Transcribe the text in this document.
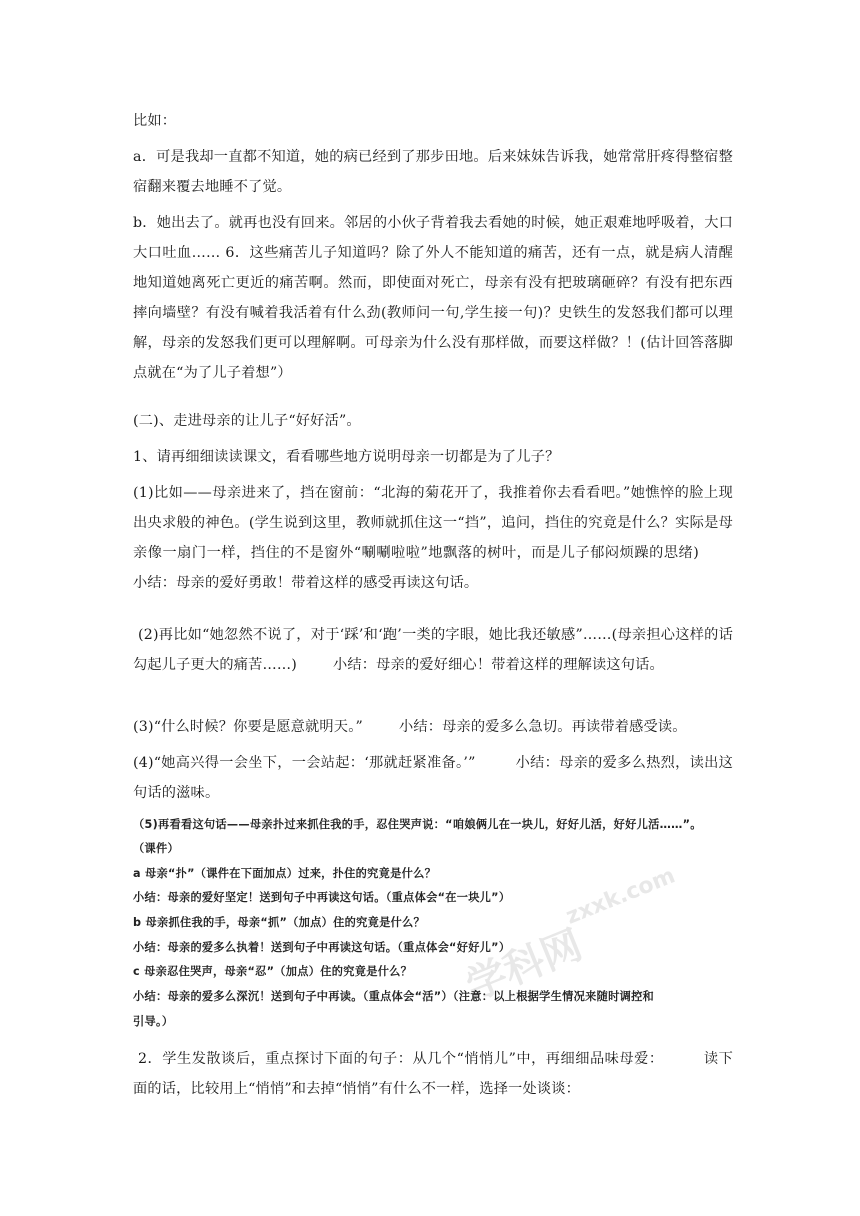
比如：

a．可是我却一直都不知道，她的病已经到了那步田地。后来妹妹告诉我，她常常肝疼得整宿整宿翻来覆去地睡不了觉。

b．她出去了。就再也没有回来。邻居的小伙子背着我去看她的时候，她正艰难地呼吸着，大口大口吐血…… 6．这些痛苦儿子知道吗？除了外人不能知道的痛苦，还有一点，就是病人清醒地知道她离死亡更近的痛苦啊。然而，即使面对死亡，母亲有没有把玻璃砸碎？有没有把东西摔向墙壁？有没有喊着我活着有什么劲(教师问一句,学生接一句)？史铁生的发怒我们都可以理解，母亲的发怒我们更可以理解啊。可母亲为什么没有那样做，而要这样做？！(估计回答落脚点就在“为了儿子着想”）

(二)、走进母亲的让儿子“好好活”。

1、请再细细读读课文，看看哪些地方说明母亲一切都是为了儿子？

(1)比如——母亲进来了，挡在窗前：“北海的菊花开了，我推着你去看看吧。”她憔悴的脸上现出央求般的神色。(学生说到这里，教师就抓住这一“挡”，追问，挡住的究竟是什么？实际是母亲像一扇门一样，挡住的不是窗外“唰唰啦啦”地飘落的树叶，而是儿子郁闷烦躁的思绪)小结：母亲的爱好勇敢！带着这样的感受再读这句话。

(2)再比如“她忽然不说了，对于‘踩’和‘跑’一类的字眼，她比我还敏感”……(母亲担心这样的话勾起儿子更大的痛苦……)	小结：母亲的爱好细心！带着这样的理解读这句话。

(3)“什么时候？你要是愿意就明天。”	小结：母亲的爱多么急切。再读带着感受读。

(4)“她高兴得一会坐下，一会站起：‘那就赶紧准备。’”	小结：母亲的爱多么热烈，读出这句话的滋味。

（5)再看看这句话——母亲扑过来抓住我的手，忍住哭声说：“咱娘俩儿在一块儿，好好儿活，好好儿活……”。
（课件）
a 母亲“扑”（课件在下面加点）过来，扑住的究竟是什么？
小结：母亲的爱好坚定！送到句子中再读这句话。（重点体会“在一块儿”）
b 母亲抓住我的手，母亲“抓”（加点）住的究竟是什么？
小结：母亲的爱多么执着！送到句子中再读这句话。（重点体会“好好儿”）
c 母亲忍住哭声，母亲“忍”（加点）住的究竟是什么？
小结：母亲的爱多么深沉！送到句子中再读。（重点体会“活”）（注意：以上根据学生情况来随时调控和
引导。）
学科网
zxxk.com

2．学生发散谈后，重点探讨下面的句子：从几个“悄悄儿”中，再细细品味母爱：	读下面的话，比较用上“悄悄”和去掉“悄悄”有什么不一样，选择一处谈谈：
